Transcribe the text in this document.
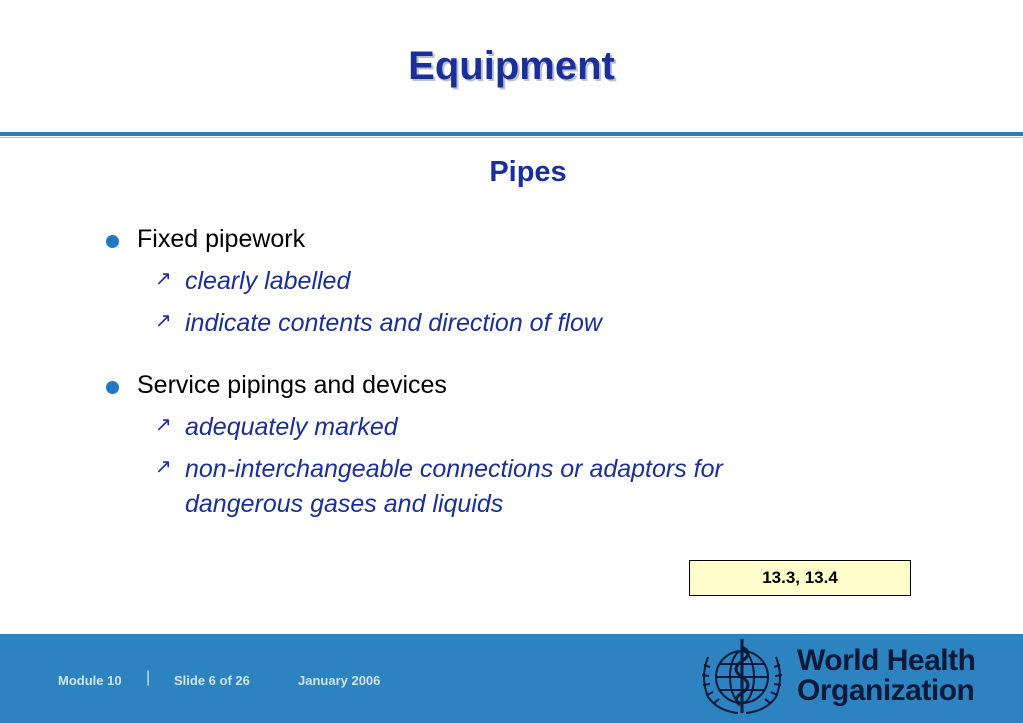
Equipment
Pipes
Fixed pipework
↗ clearly labelled
↗ indicate contents and direction of flow
Service pipings and devices
↗ adequately marked
↗ non-interchangeable connections or adaptors for
dangerous gases and liquids
13.3, 13.4
Module 10 | Slide 6 of 26	January 2006
World Health
Organization
